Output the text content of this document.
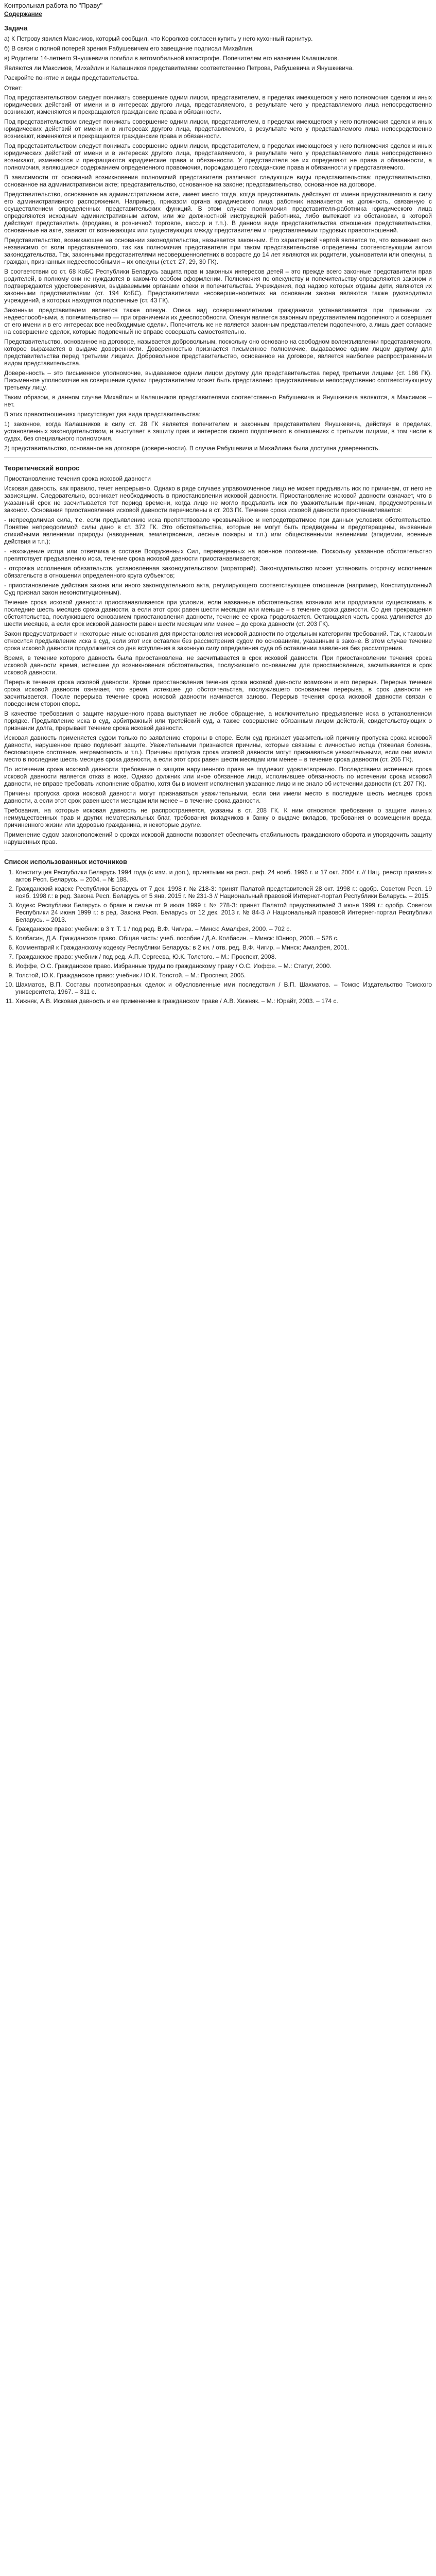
Контрольная работа по "Праву"
Содержание
Задача

а) К Петрову явился Максимов, который сообщил, что Королков согласен купить у него кухонный гарнитур.

б) В связи с полной потерей зрения Рабушевичем его завещание подписал Михайлин.

в) Родители 14-летнего Янушкевича погибли в автомобильной катастрофе. Попечителем его назначен Калашников.

Являются ли Максимов, Михайлин и Калашников представителями соответственно Петрова, Рабушевича и Янушкевича.

Раскройте понятие и виды представительства.

Ответ:

Под представительством следует понимать совершение одним лицом, представителем, в пределах имеющегося у него полномочия сделки и иных юридических действий от имени и в интересах другого лица, представляемого, в результате чего у представляемого лица непосредственно возникают, изменяются и прекращаются гражданские права и обязанности.

Под представительством следует понимать совершение одним лицом, представителем, в пределах имеющегося у него полномочия сделок и иных юридических действий от имени и в интересах другого лица, представляемого, в результате чего у представляемого лица непосредственно возникают, изменяются и прекращаются гражданские права и обязанности.

Под представительством следует понимать совершение одним лицом, представителем, в пределах имеющегося у него полномочия сделок и иных юридических действий от имени и в интересах другого лица, представляемого, в результате чего у представляемого лица непосредственно возникают, изменяются и прекращаются юридические права и обязанности. У представителя же их определяют не права и обязанности, а полномочия, являющиеся содержанием определенного правомочия, порождающего гражданские права и обязанности у представляемого.

В зависимости от оснований возникновения полномочий представителя различают следующие виды представительства: представительство, основанное на административном акте; представительство, основанное на законе; представительство, основанное на договоре.

Представительство, основанное на административном акте, имеет место тогда, когда представитель действует от имени представляемого в силу его административного распоряжения. Например, приказом органа юридического лица работник назначается на должность, связанную с осуществлением определенных представительских функций. В этом случае полномочия представителя-работника юридического лица определяются исходным административным актом, или же должностной инструкцией работника, либо вытекают из обстановки, в которой действует представитель (продавец в розничной торговле, кассир и т.п.). В данном виде представительства отношения представительства, основанные на акте, зависят от возникающих или существующих между представителем и представляемым трудовых правоотношений.

Представительство, возникающее на основании законодательства, называется законным. Его характерной чертой является то, что возникает оно независимо от воли представляемого, так как полномочия представителя при таком представительстве определены соответствующим актом законодательства. Так, законными представителями несовершеннолетних в возрасте до 14 лет являются их родители, усыновители или опекуны, а граждан, признанных недееспособными – их опекуны (ст.ст. 27, 29, 30 ГК).

В соответствии со ст. 68 КоБС Республики Беларусь защита прав и законных интересов детей – это прежде всего законные представители прав родителей, в полному они не нуждаются в каком-то особом оформлении. Полномочия по опекунству и попечительству определяются законом и подтверждаются удостоверениями, выдаваемыми органами опеки и попечительства. Учреждения, под надзор которых отданы дети, являются их законными представителями (ст. 194 КоБС). Представителями несовершеннолетних на основании закона являются также руководители учреждений, в которых находятся подопечные (ст. 43 ГК).

Законным представителем является также опекун. Опека над совершеннолетними гражданами устанавливается при признании их недееспособными, а попечительство — при ограничении их дееспособности. Опекун является законным представителем подопечного и совершает от его имени и в его интересах все необходимые сделки. Попечитель же не является законным представителем подопечного, а лишь дает согласие на совершение сделок, которые подопечный не вправе совершать самостоятельно.

Представительство, основанное на договоре, называется добровольным, поскольку оно основано на свободном волеизъявлении представляемого, которое выражается в выдаче доверенности. Доверенностью признается письменное полномочие, выдаваемое одним лицом другому для представительства перед третьими лицами. Добровольное представительство, основанное на договоре, является наиболее распространенным видом представительства.

Доверенность – это письменное уполномочие, выдаваемое одним лицом другому для представительства перед третьими лицами (ст. 186 ГК). Письменное уполномочие на совершение сделки представителем может быть представлено представляемым непосредственно соответствующему третьему лицу.

Таким образом, в данном случае Михайлин и Калашников представителями соответственно Рабушевича и Янушкевича являются, а Максимов – нет.

В этих правоотношениях присутствует два вида представительства:

1) законное, когда Калашников в силу ст. 28 ГК является попечителем и законным представителем Янушкевича, действуя в пределах, установленных законодательством, и выступает в защиту прав и интересов своего подопечного в отношениях с третьими лицами, в том числе в судах, без специального полномочия.

2) представительство, основанное на договоре (доверенности). В случае Рабушевича и Михайлина была доступна доверенность.

Теоретический вопрос

Приостановление течения срока исковой давности

Исковая давность, как правило, течет непрерывно. Однако в ряде случаев управомоченное лицо не может предъявить иск по причинам, от него не зависящим. Следовательно, возникает необходимость в приостановлении исковой давности. Приостановление исковой давности означает, что в указанный срок не засчитывается тот период времени, когда лицо не могло предъявить иск по уважительным причинам, предусмотренным законом. Основания приостановления исковой давности перечислены в ст. 203 ГК. Течение срока исковой давности приостанавливается:

- непреодолимая сила, т.е. если предъявлению иска препятствовало чрезвычайное и непредотвратимое при данных условиях обстоятельство. Понятие непреодолимой силы дано в ст. 372 ГК. Это обстоятельства, которые не могут быть предвидены и предотвращены, вызванные стихийными явлениями природы (наводнения, землетрясения, лесные пожары и т.п.) или общественными явлениями (эпидемии, военные действия и т.п.);

- нахождение истца или ответчика в составе Вооруженных Сил, переведенных на военное положение. Поскольку указанное обстоятельство препятствует предъявлению иска, течение срока исковой давности приостанавливается;

- отсрочка исполнения обязательств, установленная законодательством (мораторий). Законодательство может установить отсрочку исполнения обязательств в отношении определенного круга субъектов;

- приостановление действия закона или иного законодательного акта, регулирующего соответствующее отношение (например, Конституционный Суд признал закон неконституционным).

Течение срока исковой давности приостанавливается при условии, если названные обстоятельства возникли или продолжали существовать в последние шесть месяцев срока давности, а если этот срок равен шести месяцам или меньше – в течение срока давности. Со дня прекращения обстоятельства, послужившего основанием приостановления давности, течение ее срока продолжается. Остающаяся часть срока удлиняется до шести месяцев, а если срок исковой давности равен шести месяцам или менее – до срока давности (ст. 203 ГК).

Закон предусматривает и некоторые иные основания для приостановления исковой давности по отдельным категориям требований. Так, к таковым относится предъявление иска в суд, если этот иск оставлен без рассмотрения судом по основаниям, указанным в законе. В этом случае течение срока исковой давности продолжается со дня вступления в законную силу определения суда об оставлении заявления без рассмотрения.

Время, в течение которого давность была приостановлена, не засчитывается в срок исковой давности. При приостановлении течения срока исковой давности время, истекшее до возникновения обстоятельства, послужившего основанием для приостановления, засчитывается в срок исковой давности.

Перерыв течения срока исковой давности. Кроме приостановления течения срока исковой давности возможен и его перерыв. Перерыв течения срока исковой давности означает, что время, истекшее до обстоятельства, послужившего основанием перерыва, в срок давности не засчитывается. После перерыва течение срока исковой давности начинается заново. Перерыв течения срока исковой давности связан с поведением сторон спора.

В качестве требования о защите нарушенного права выступает не любое обращение, а исключительно предъявление иска в установленном порядке. Предъявление иска в суд, арбитражный или третейский суд, а также совершение обязанным лицом действий, свидетельствующих о признании долга, прерывает течение срока исковой давности.

Исковая давность применяется судом только по заявлению стороны в споре. Если суд признает уважительной причину пропуска срока исковой давности, нарушенное право подлежит защите. Уважительными признаются причины, которые связаны с личностью истца (тяжелая болезнь, беспомощное состояние, неграмотность и т.п.). Причины пропуска срока исковой давности могут признаваться уважительными, если они имели место в последние шесть месяцев срока давности, а если этот срок равен шести месяцам или менее – в течение срока давности (ст. 205 ГК).

По истечении срока исковой давности требование о защите нарушенного права не подлежит удовлетворению. Последствием истечения срока исковой давности является отказ в иске. Однако должник или иное обязанное лицо, исполнившее обязанность по истечении срока исковой давности, не вправе требовать исполнение обратно, хотя бы в момент исполнения указанное лицо и не знало об истечении давности (ст. 207 ГК).

Причины пропуска срока исковой давности могут признаваться уважительными, если они имели место в последние шесть месяцев срока давности, а если этот срок равен шести месяцам или менее – в течение срока давности.

Требования, на которые исковая давность не распространяется, указаны в ст. 208 ГК. К ним относятся требования о защите личных неимущественных прав и других нематериальных благ, требования вкладчиков к банку о выдаче вкладов, требования о возмещении вреда, причиненного жизни или здоровью гражданина, и некоторые другие.

Применение судом законоположений о сроках исковой давности позволяет обеспечить стабильность гражданского оборота и упорядочить защиту нарушенных прав.

Список использованных источников
1. Конституция Республики Беларусь 1994 года (с изм. и доп.), принятыми на респ. реф. 24 нояб. 1996 г. и 17 окт. 2004 г. // Нац. реестр правовых актов Респ. Беларусь. – 2004. – № 188.
2. Гражданский кодекс Республики Беларусь от 7 дек. 1998 г. № 218-З: принят Палатой представителей 28 окт. 1998 г.: одобр. Советом Респ. 19 нояб. 1998 г.: в ред. Закона Респ. Беларусь от 5 янв. 2015 г. № 231-З // Национальный правовой Интернет-портал Республики Беларусь. – 2015.
3. Кодекс Республики Беларусь о браке и семье от 9 июля 1999 г. № 278-З: принят Палатой представителей 3 июня 1999 г.: одобр. Советом Республики 24 июня 1999 г.: в ред. Закона Респ. Беларусь от 12 дек. 2013 г. № 84-З // Национальный правовой Интернет-портал Республики Беларусь. – 2013.
4. Гражданское право: учебник: в 3 т. Т. 1 / под ред. В.Ф. Чигира. – Минск: Амалфея, 2000. – 702 с.
5. Колбасин, Д.А. Гражданское право. Общая часть: учеб. пособие / Д.А. Колбасин. – Минск: Юниор, 2008. – 526 с.
6. Комментарий к Гражданскому кодексу Республики Беларусь: в 2 кн. / отв. ред. В.Ф. Чигир. – Минск: Амалфея, 2001.
7. Гражданское право: учебник / под ред. А.П. Сергеева, Ю.К. Толстого. – М.: Проспект, 2008.
8. Иоффе, О.С. Гражданское право. Избранные труды по гражданскому праву / О.С. Иоффе. – М.: Статут, 2000.
9. Толстой, Ю.К. Гражданское право: учебник / Ю.К. Толстой. – М.: Проспект, 2005.
10. Шахматов, В.П. Составы противоправных сделок и обусловленные ими последствия / В.П. Шахматов. – Томск: Издательство Томского университета, 1967. – 311 с.
11. Хижняк, А.В. Исковая давность и ее применение в гражданском праве / А.В. Хижняк. – М.: Юрайт, 2003. – 174 с.
